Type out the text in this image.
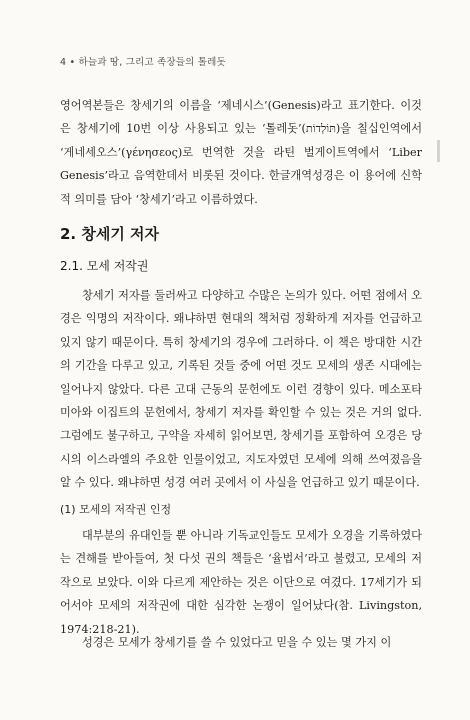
4 • 하늘과 땅, 그리고 족장들의 톨레돗

영어역본들은 창세기의 이름을 ‘제네시스’(Genesis)라고 표기한다. 이것은 창세기에 10번 이상 사용되고 있는 ‘톨레돗’(תּוֹלְדוֹת)을 칠십인역에서 ‘게네세오스’(γένησεος)로 번역한 것을 라틴 벌게이트역에서 ‘Liber Genesis’라고 음역한데서 비롯된 것이다. 한글개역성경은 이 용어에 신학적 의미를 담아 ‘창세기’라고 이름하였다.

2. 창세기 저자
2.1. 모세 저작권

창세기 저자를 둘러싸고 다양하고 수많은 논의가 있다. 어떤 점에서 오경은 익명의 저작이다. 왜냐하면 현대의 책처럼 정확하게 저자를 언급하고 있지 않기 때문이다. 특히 창세기의 경우에 그러하다. 이 책은 방대한 시간의 기간을 다루고 있고, 기록된 것들 중에 어떤 것도 모세의 생존 시대에는 일어나지 않았다. 다른 고대 근동의 문헌에도 이런 경향이 있다. 메소포타미아와 이집트의 문헌에서, 창세기 저자를 확인할 수 있는 것은 거의 없다. 그럼에도 불구하고, 구약을 자세히 읽어보면, 창세기를 포함하여 오경은 당시의 이스라엘의 주요한 인물이었고, 지도자였던 모세에 의해 쓰여졌음을 알 수 있다. 왜냐하면 성경 여러 곳에서 이 사실을 언급하고 있기 때문이다.

(1) 모세의 저작권 인정

대부분의 유대인들 뿐 아니라 기독교인들도 모세가 오경을 기록하였다는 견해를 받아들여, 첫 다섯 권의 책들은 ‘율법서’라고 불렸고, 모세의 저작으로 보았다. 이와 다르게 제안하는 것은 이단으로 여겼다. 17세기가 되어서야 모세의 저작권에 대한 심각한 논쟁이 일어났다(참. Livingston, 1974:218-21).

성경은 모세가 창세기를 쓸 수 있었다고 믿을 수 있는 몇 가지 이
